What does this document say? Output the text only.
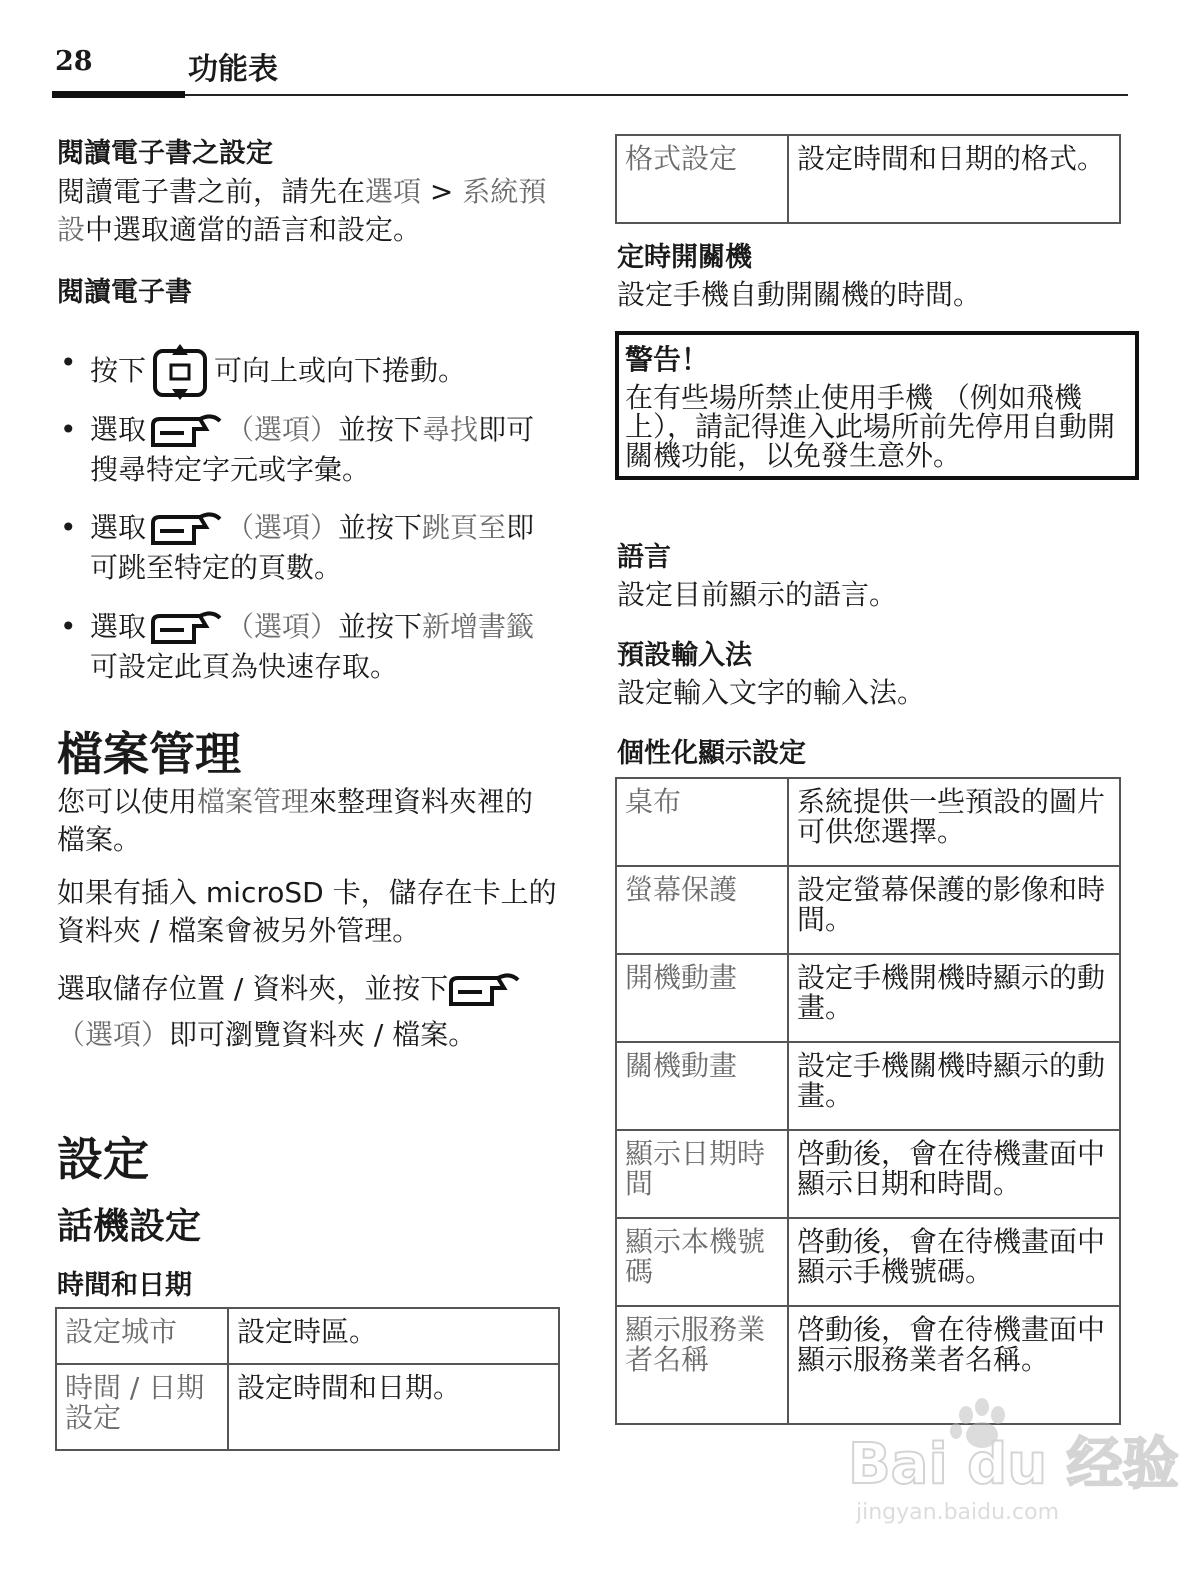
28	功能表
閱讀電子書之設定

閱讀電子書之前，請先在選項 > 系統預設中選取適當的語言和設定。

閱讀電子書
• 按下 可向上或向下捲動。
• 選取	（選項）並按下尋找即可搜尋特定字元或字彙。
• 選取	（選項）並按下跳頁至即可跳至特定的頁數。
• 選取	（選項）並按下新增書籤可設定此頁為快速存取。
檔案管理

您可以使用檔案管理來整理資料夾裡的檔案。

如果有插入 microSD 卡，儲存在卡上的資料夾 / 檔案會被另外管理。

選取儲存位置 / 資料夾，並按下（選項）即可瀏覽資料夾 / 檔案。

設定
話機設定
時間和日期
設定城市	設定時區。
時間 / 日期設定	設定時間和日期。
格式設定	設定時間和日期的格式。
定時開關機

設定手機自動開關機的時間。

警告！
在有些場所禁止使用手機 （例如飛機上），請記得進入此場所前先停用自動開關機功能，以免發生意外。
語言

設定目前顯示的語言。

預設輸入法

設定輸入文字的輸入法。

個性化顯示設定
桌布	系統提供一些預設的圖片可供您選擇。
螢幕保護	設定螢幕保護的影像和時間。
開機動畫	設定手機開機時顯示的動畫。
關機動畫	設定手機關機時顯示的動畫。
顯示日期時間	啓動後，會在待機畫面中顯示日期和時間。
顯示本機號碼	啓動後，會在待機畫面中顯示手機號碼。
顯示服務業者名稱	啓動後，會在待機畫面中顯示服務業者名稱。
Bai du 经验
jingyan.baidu.com
